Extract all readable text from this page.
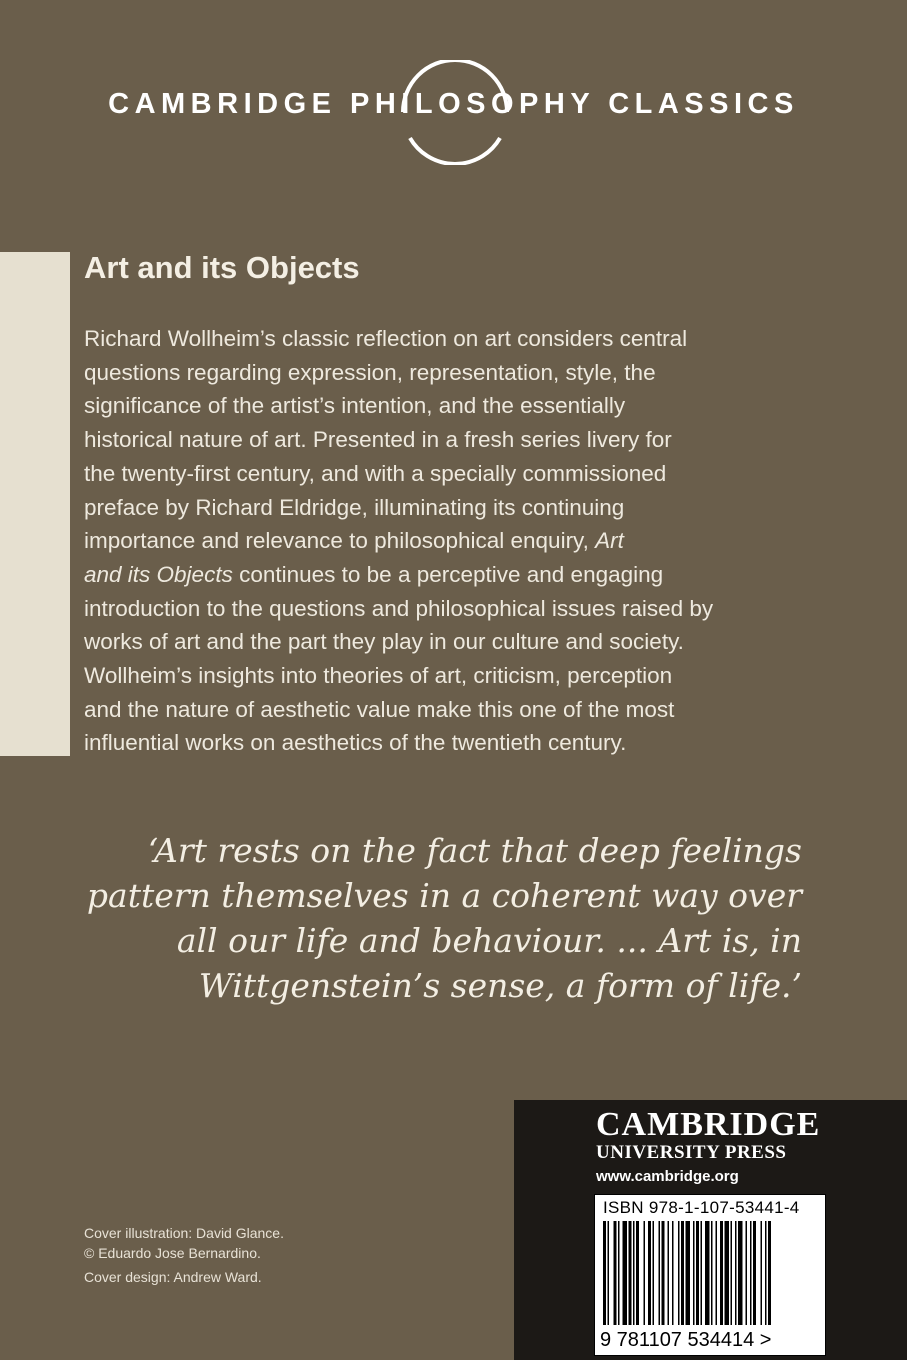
CAMBRIDGE PHILOSOPHY CLASSICS
Art and its Objects
Richard Wollheim’s classic reflection on art considers central
questions regarding expression, representation, style, the
significance of the artist’s intention, and the essentially
historical nature of art. Presented in a fresh series livery for
the twenty-first century, and with a specially commissioned
preface by Richard Eldridge, illuminating its continuing
importance and relevance to philosophical enquiry, Art
and its Objects continues to be a perceptive and engaging
introduction to the questions and philosophical issues raised by
works of art and the part they play in our culture and society.
Wollheim’s insights into theories of art, criticism, perception
and the nature of aesthetic value make this one of the most
influential works on aesthetics of the twentieth century.
‘Art rests on the fact that deep feelings
pattern themselves in a coherent way over
all our life and behaviour. ... Art is, in
Wittgenstein’s sense, a form of life.’
Cover illustration: David Glance.
© Eduardo Jose Bernardino.
Cover design: Andrew Ward.
CAMBRIDGE
UNIVERSITY PRESS
www.cambridge.org
ISBN 978-1-107-53441-4
9 781107 534414 >
